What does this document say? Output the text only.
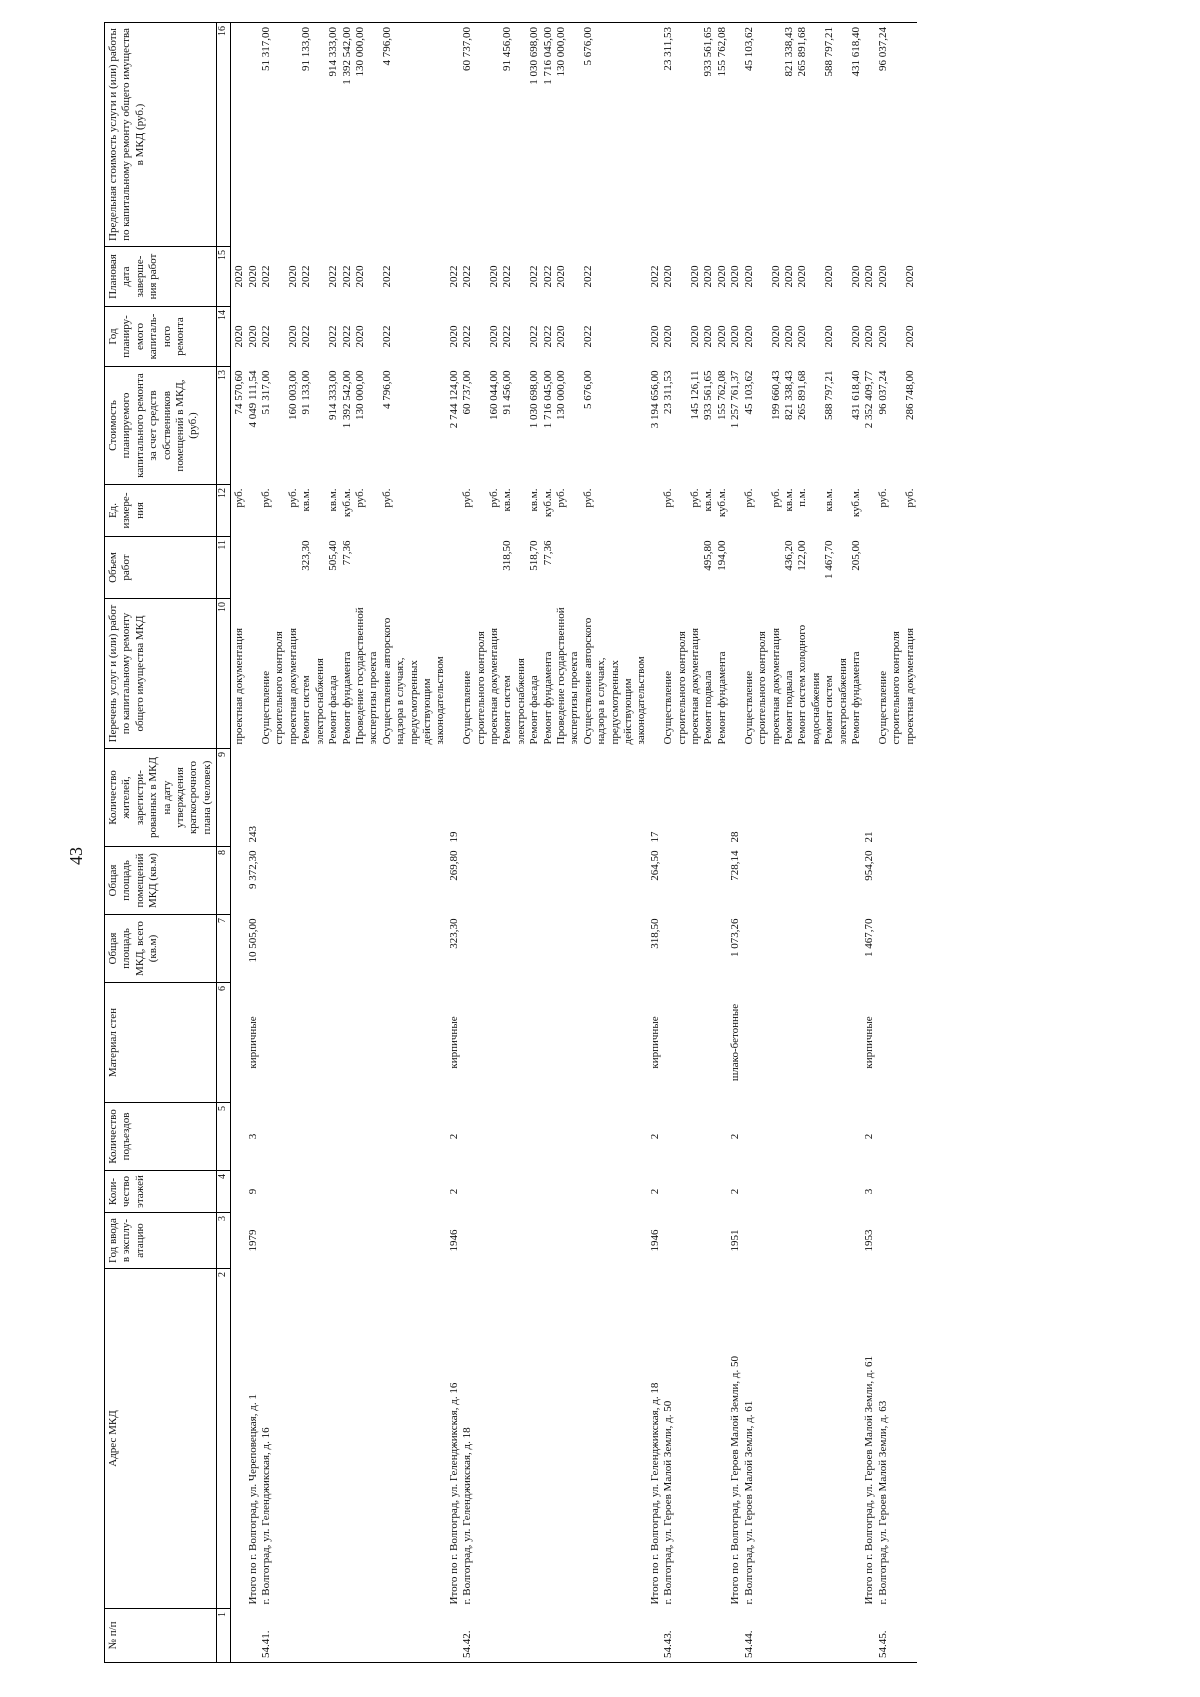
43
№ п/п	Адрес МКД	Год ввода в эксплу-атацию	Коли-чество этажей	Количество подъездов	Материал стен	Общая площадь МКД, всего (кв.м)	Общая площадь помещений МКД (кв.м)	Количество жителей, зарегистри-рованных в МКД на дату утверждения краткосрочного плана (человек)	Перечень услуг и (или) работ по капитальному ремонту общего имущества МКД	Объем работ	Ед. измере-ния	Стоимость планируемого капитального ремонта за счет средств собственников помещений в МКД, (руб.)	Год планиру-емого капиталь-ного ремонта	Плановая дата заверше-ния работ	Предельная стоимость услуги и (или) работы по капитальному ремонту общего имущества в МКД (руб.)
1	2	3	4	5	6	7	8	9	10	11	12	13	14	15	16
									проектная документация		руб.	74 570,60	2020	2020	
	Итого по г. Волгоград, ул. Череповецкая, д. 1	1979	9	3	кирпичные	10 505,00	9 372,30	243				4 049 111,54	2020	2020	
54.41.	г. Волгоград, ул. Геленджикская, д. 16								Осуществление строительного контроля		руб.	51 317,00	2022	2022	51 317,00
									проектная документация		руб.	160 003,00	2020	2020	
									Ремонт систем электроснабжения	323,30	кв.м.	91 133,00	2022	2022	91 133,00
									Ремонт фасада	505,40	кв.м.	914 333,00	2022	2022	914 333,00
									Ремонт фундамента	77,36	куб.м.	1 392 542,00	2022	2022	1 392 542,00
									Проведение государственной экспертизы проекта		руб.	130 000,00	2020	2020	130 000,00
									Осуществление авторского надзора в случаях, предусмотренных действующим законодательством		руб.	4 796,00	2022	2022	4 796,00
	Итого по г. Волгоград, ул. Геленджикская, д. 16	1946	2	2	кирпичные	323,30	269,80	19				2 744 124,00	2020	2022	
54.42.	г. Волгоград, ул. Геленджикская, д. 18								Осуществление строительного контроля		руб.	60 737,00	2022	2022	60 737,00
									проектная документация		руб.	160 044,00	2020	2020	
									Ремонт систем электроснабжения	318,50	кв.м.	91 456,00	2022	2022	91 456,00
									Ремонт фасада	518,70	кв.м.	1 030 698,00	2022	2022	1 030 698,00
									Ремонт фундамента	77,36	куб.м.	1 716 045,00	2022	2022	1 716 045,00
									Проведение государственной экспертизы проекта		руб.	130 000,00	2020	2020	130 000,00
									Осуществление авторского надзора в случаях, предусмотренных действующим законодательством		руб.	5 676,00	2022	2022	5 676,00
	Итого по г. Волгоград, ул. Геленджикская, д. 18	1946	2	2	кирпичные	318,50	264,50	17				3 194 656,00	2020	2022	
54.43.	г. Волгоград, ул. Героев Малой Земли, д. 50								Осуществление строительного контроля		руб.	23 311,53	2020	2020	23 311,53
									проектная документация		руб.	145 126,11	2020	2020	
									Ремонт подвала	495,80	кв.м.	933 561,65	2020	2020	933 561,65
									Ремонт фундамента	194,00	куб.м.	155 762,08	2020	2020	155 762,08
	Итого по г. Волгоград, ул. Героев Малой Земли, д. 50	1951	2	2	шлако-бетонные	1 073,26	728,14	28				1 257 761,37	2020	2020	
54.44.	г. Волгоград, ул. Героев Малой Земли, д. 61								Осуществление строительного контроля		руб.	45 103,62	2020	2020	45 103,62
									проектная документация		руб.	199 660,43	2020	2020	
									Ремонт подвала	436,20	кв.м.	821 338,43	2020	2020	821 338,43
									Ремонт систем холодного водоснабжения	122,00	п.м.	265 891,68	2020	2020	265 891,68
									Ремонт систем электроснабжения	1 467,70	кв.м.	588 797,21	2020	2020	588 797,21
									Ремонт фундамента	205,00	куб.м.	431 618,40	2020	2020	431 618,40
	Итого по г. Волгоград, ул. Героев Малой Земли, д. 61	1953	3	2	кирпичные	1 467,70	954,20	21				2 352 409,77	2020	2020	
54.45.	г. Волгоград, ул. Героев Малой Земли, д. 63								Осуществление строительного контроля		руб.	96 037,24	2020	2020	96 037,24
									проектная документация		руб.	286 748,00	2020	2020	
